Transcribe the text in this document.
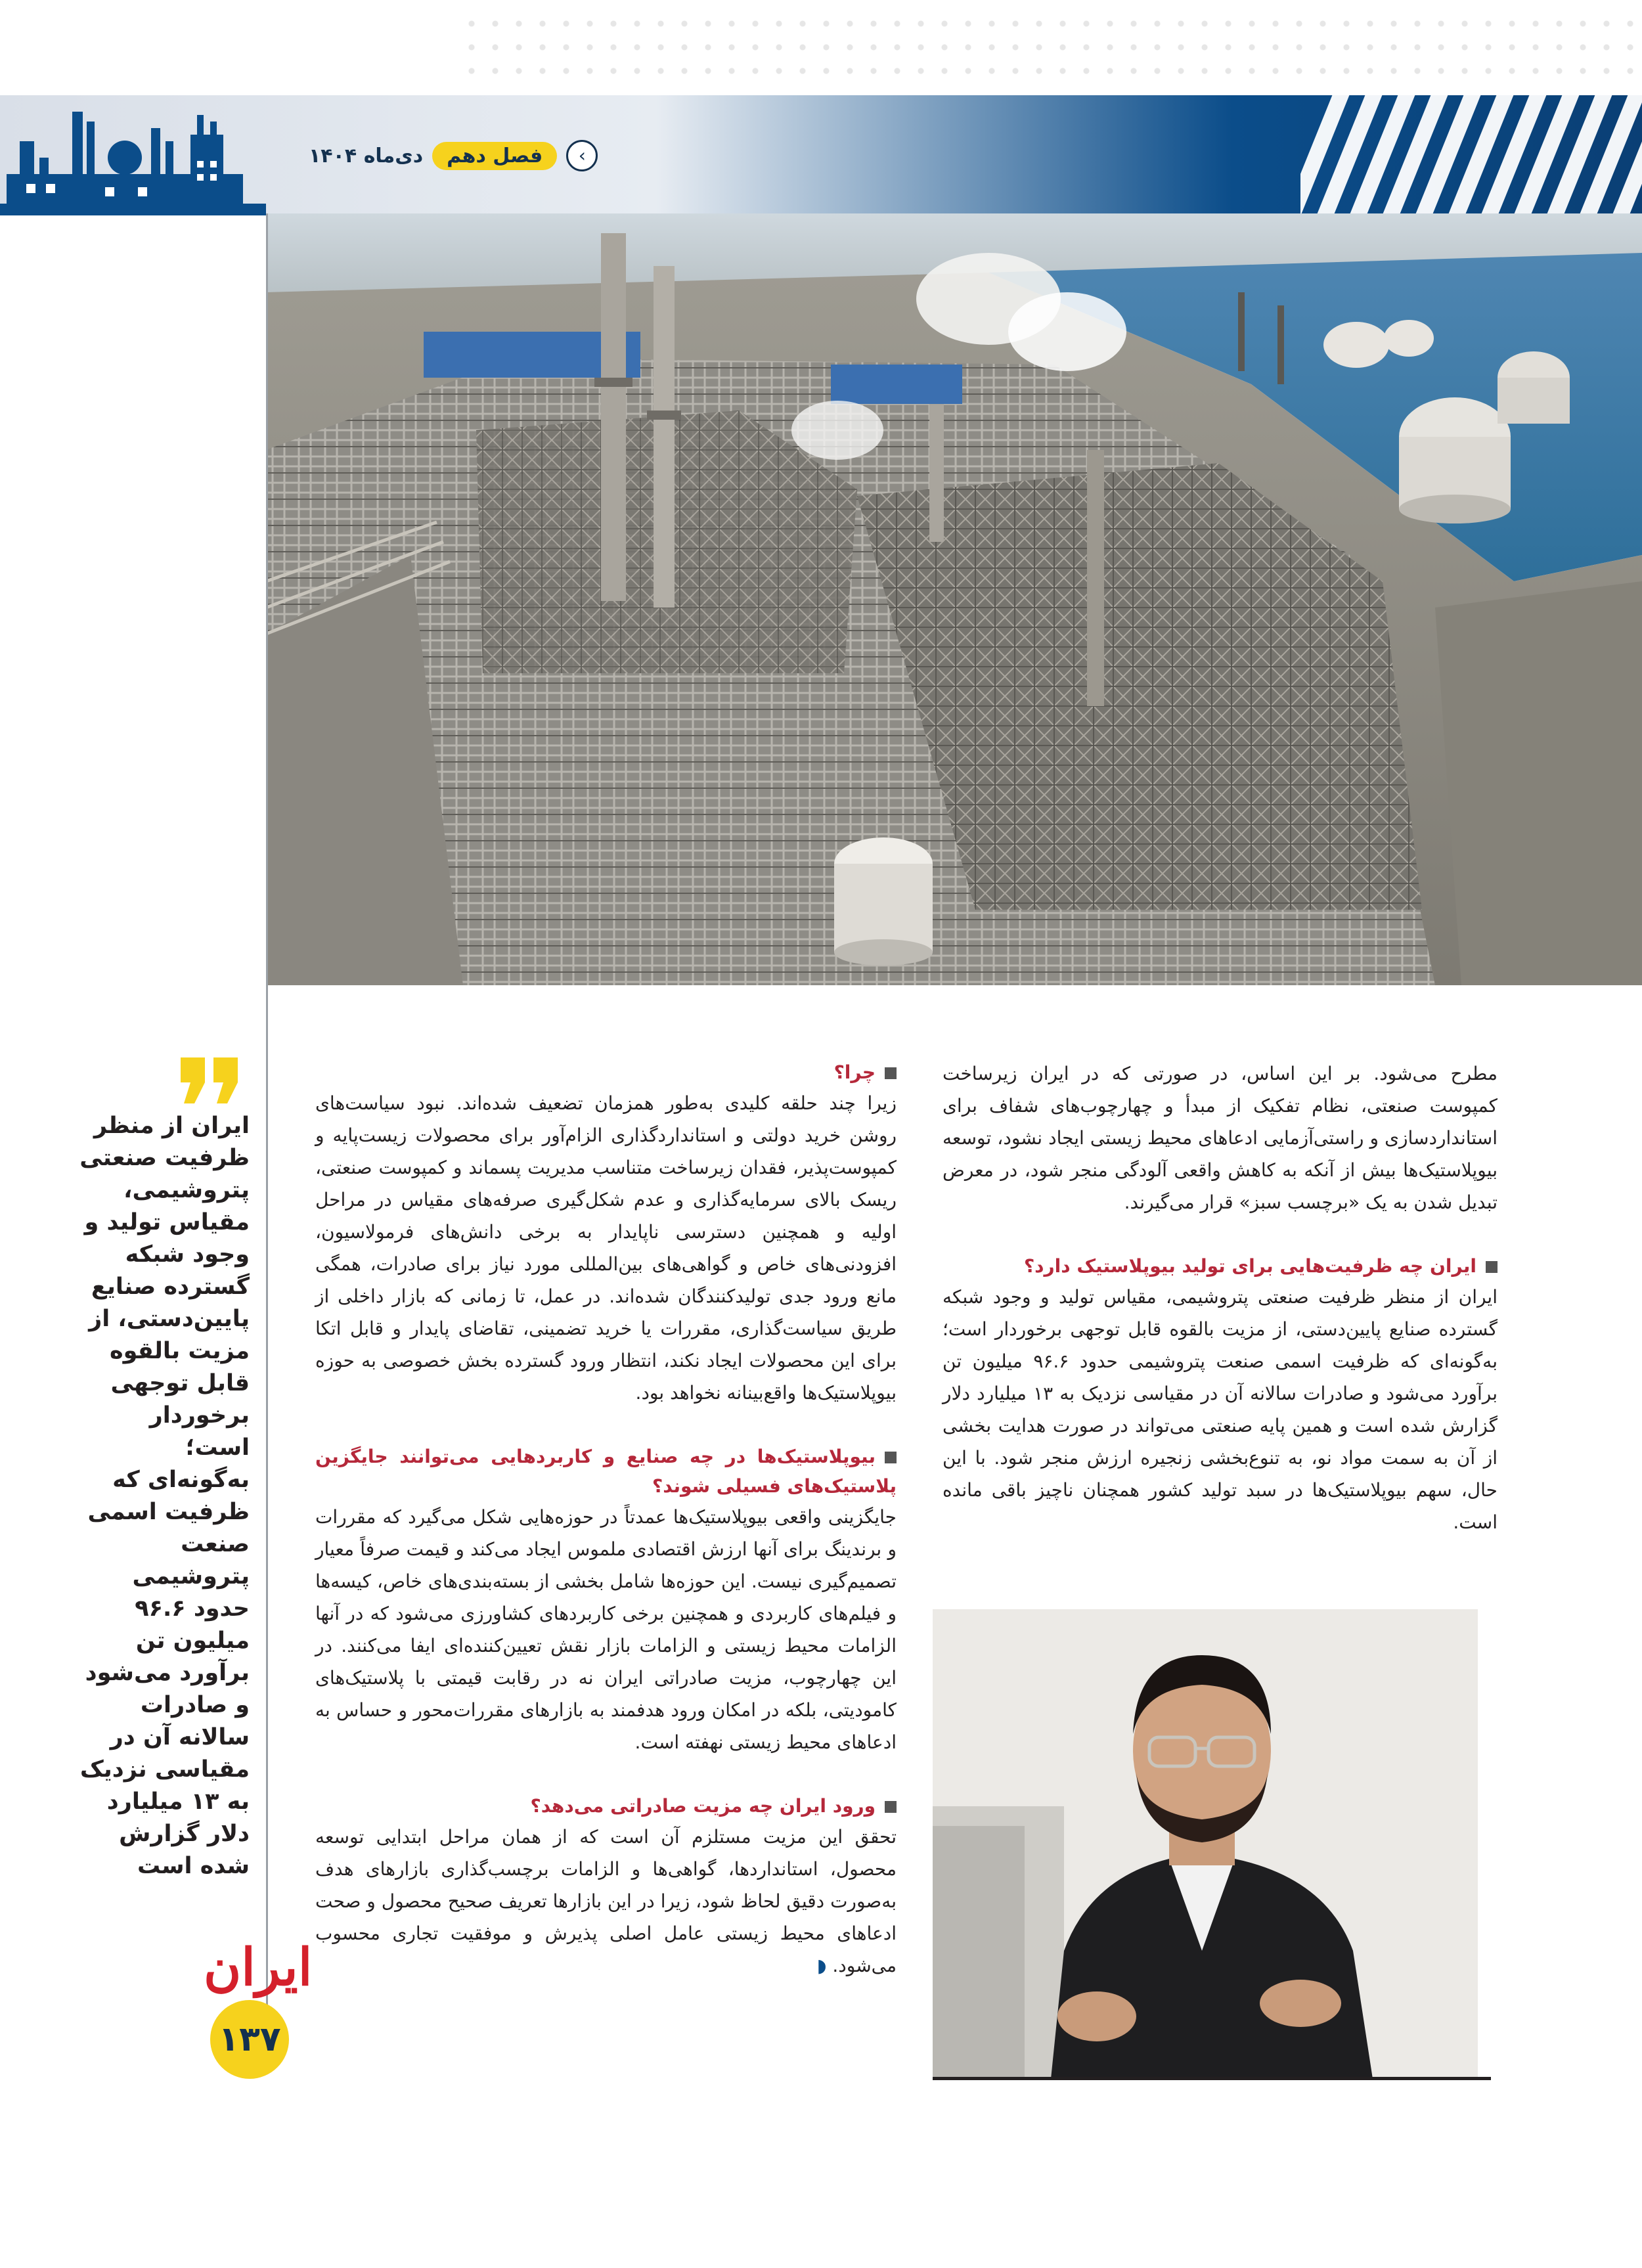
›
فصل دهم
دی‌ماه ۱۴۰۴
ایران از منظر ظرفیت صنعتی پتروشیمی، مقیاس تولید و وجود شبکه گسترده صنایع پایین‌دستی، از مزیت بالقوه قابل توجهی برخوردار است؛ به‌گونه‌ای که ظرفیت اسمی صنعت پتروشیمی حدود ۹۶.۶ میلیون تن برآورد می‌شود و صادرات سالانه آن در مقیاسی نزدیک به ۱۳ میلیارد دلار گزارش شده است
ایران
۱۳۷

مطرح می‌شود. بر این اساس، در صورتی که در ایران زیرساخت کمپوست صنعتی، نظام تفکیک از مبدأ و چهارچوب‌های شفاف برای استانداردسازی و راستی‌آزمایی ادعاهای محیط زیستی ایجاد نشود، توسعه بیوپلاستیک‌ها بیش از آنکه به کاهش واقعی آلودگی منجر شود، در معرض تبدیل شدن به یک «برچسب سبز» قرار می‌گیرند.

ایران چه ظرفیت‌هایی برای تولید بیوپلاستیک دارد؟

ایران از منظر ظرفیت صنعتی پتروشیمی، مقیاس تولید و وجود شبکه گسترده صنایع پایین‌دستی، از مزیت بالقوه قابل توجهی برخوردار است؛ به‌گونه‌ای که ظرفیت اسمی صنعت پتروشیمی حدود ۹۶.۶ میلیون تن برآورد می‌شود و صادرات سالانه آن در مقیاسی نزدیک به ۱۳ میلیارد دلار گزارش شده است و همین پایه صنعتی می‌تواند در صورت هدایت بخشی از آن به سمت مواد نو، به تنوع‌بخشی زنجیره ارزش منجر شود. با این حال، سهم بیوپلاستیک‌ها در سبد تولید کشور همچنان ناچیز باقی مانده است.

چرا؟

زیرا چند حلقه کلیدی به‌طور همزمان تضعیف شده‌اند. نبود سیاست‌های روشن خرید دولتی و استانداردگذاری الزام‌آور برای محصولات زیست‌پایه و کمپوست‌پذیر، فقدان زیرساخت متناسب مدیریت پسماند و کمپوست صنعتی، ریسک بالای سرمایه‌گذاری و عدم شکل‌گیری صرفه‌های مقیاس در مراحل اولیه و همچنین دسترسی ناپایدار به برخی دانش‌های فرمولاسیون، افزودنی‌های خاص و گواهی‌های بین‌المللی مورد نیاز برای صادرات، همگی مانع ورود جدی تولیدکنندگان شده‌اند. در عمل، تا زمانی که بازار داخلی از طریق سیاست‌گذاری، مقررات یا خرید تضمینی، تقاضای پایدار و قابل اتکا برای این محصولات ایجاد نکند، انتظار ورود گسترده بخش خصوصی به حوزه بیوپلاستیک‌ها واقع‌بینانه نخواهد بود.

بیوپلاستیک‌ها در چه صنایع و کاربردهایی می‌توانند جایگزین پلاستیک‌های فسیلی شوند؟

جایگزینی واقعی بیوپلاستیک‌ها عمدتاً در حوزه‌هایی شکل می‌گیرد که مقررات و برندینگ برای آنها ارزش اقتصادی ملموس ایجاد می‌کند و قیمت صرفاً معیار تصمیم‌گیری نیست. این حوزه‌ها شامل بخشی از بسته‌بندی‌های خاص، کیسه‌ها و فیلم‌های کاربردی و همچنین برخی کاربردهای کشاورزی می‌شود که در آنها الزامات محیط زیستی و الزامات بازار نقش تعیین‌کننده‌ای ایفا می‌کنند. در این چهارچوب، مزیت صادراتی ایران نه در رقابت قیمتی با پلاستیک‌های کامودیتی، بلکه در امکان ورود هدفمند به بازارهای مقررات‌محور و حساس به ادعاهای محیط زیستی نهفته است.

ورود ایران چه مزیت صادراتی می‌دهد؟

تحقق این مزیت مستلزم آن است که از همان مراحل ابتدایی توسعه محصول، استانداردها، گواهی‌ها و الزامات برچسب‌گذاری بازارهای هدف به‌صورت دقیق لحاظ شود، زیرا در این بازارها تعریف صحیح محصول و صحت ادعاهای محیط زیستی عامل اصلی پذیرش و موفقیت تجاری محسوب می‌شود. ◗
